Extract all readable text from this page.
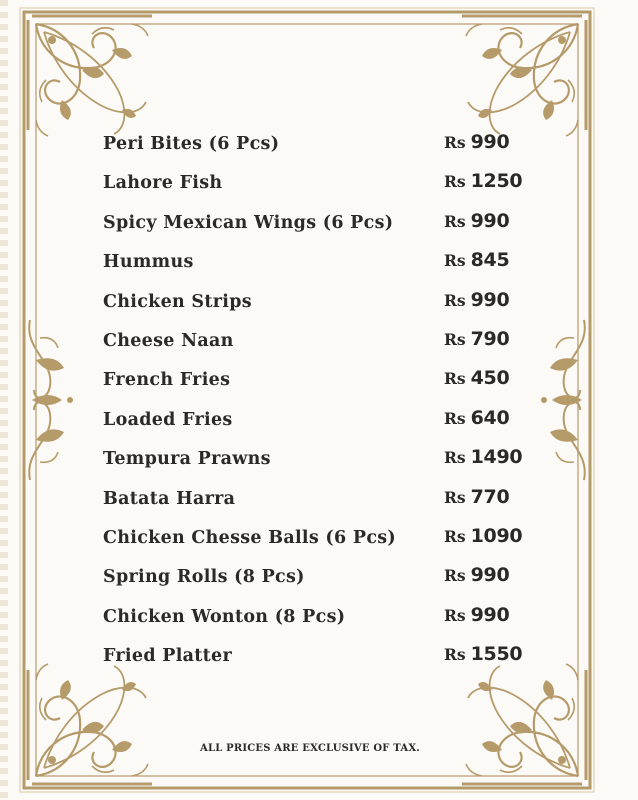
Peri Bites (6 Pcs)	Rs 990
Lahore Fish	Rs 1250
Spicy Mexican Wings (6 Pcs)	Rs 990
Hummus	Rs 845
Chicken Strips	Rs 990
Cheese Naan	Rs 790
French Fries	Rs 450
Loaded Fries	Rs 640
Tempura Prawns	Rs 1490
Batata Harra	Rs 770
Chicken Chesse Balls (6 Pcs)	Rs 1090
Spring Rolls (8 Pcs)	Rs 990
Chicken Wonton (8 Pcs)	Rs 990
Fried Platter	Rs 1550
ALL PRICES ARE EXCLUSIVE OF TAX.
